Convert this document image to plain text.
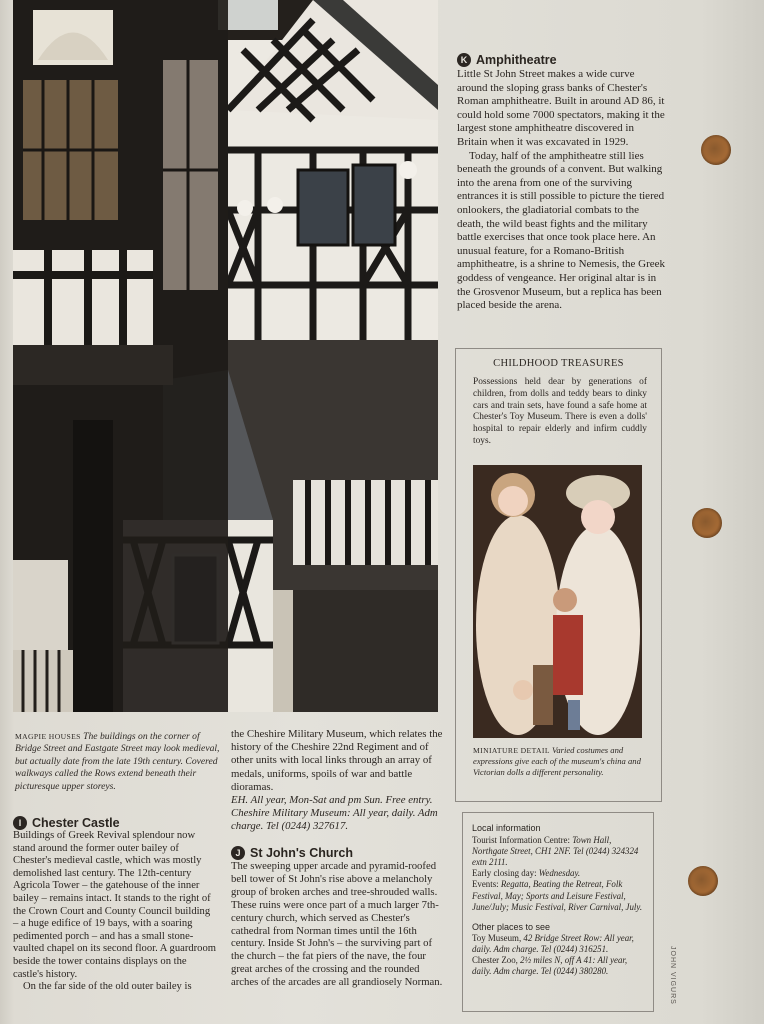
K Amphitheatre

Little St John Street makes a wide curve around the sloping grass banks of Chester's Roman amphitheatre. Built in around AD 86, it could hold some 7000 spectators, making it the largest stone amphitheatre discovered in Britain when it was excavated in 1929.

Today, half of the amphitheatre still lies beneath the grounds of a convent. But walking into the arena from one of the surviving entrances it is still possible to picture the tiered onlookers, the gladiatorial combats to the death, the wild beast fights and the military battle exercises that once took place here. An unusual feature, for a Romano-British amphitheatre, is a shrine to Nemesis, the Greek goddess of vengeance. Her original altar is in the Grosvenor Museum, but a replica has been placed beside the arena.

CHILDHOOD TREASURES

Possessions held dear by generations of children, from dolls and teddy bears to dinky cars and train sets, have found a safe home at Chester's Toy Museum. There is even a dolls' hospital to repair elderly and infirm cuddly toys.

MINIATURE DETAIL Varied costumes and expressions give each of the museum's china and Victorian dolls a different personality.

MAGPIE HOUSES The buildings on the corner of Bridge Street and Eastgate Street may look medieval, but actually date from the late 19th century. Covered walkways called the Rows extend beneath their picturesque upper storeys.

I Chester Castle

Buildings of Greek Revival splendour now stand around the former outer bailey of Chester's medieval castle, which was mostly demolished last century. The 12th-century Agricola Tower – the gatehouse of the inner bailey – remains intact. It stands to the right of the Crown Court and County Council building – a huge edifice of 19 bays, with a soaring pedimented porch – and has a small stone-vaulted chapel on its second floor. A guardroom beside the tower contains displays on the castle's history.

On the far side of the old outer bailey is

the Cheshire Military Museum, which relates the history of the Cheshire 22nd Regiment and of other units with local links through an array of medals, uniforms, spoils of war and battle dioramas.

EH. All year, Mon-Sat and pm Sun. Free entry. Cheshire Military Museum: All year, daily. Adm charge. Tel (0244) 327617.

J St John's Church

The sweeping upper arcade and pyramid-roofed bell tower of St John's rise above a melancholy group of broken arches and tree-shrouded walls. These ruins were once part of a much larger 7th-century church, which served as Chester's cathedral from Norman times until the 16th century. Inside St John's – the surviving part of the church – the fat piers of the nave, the four great arches of the crossing and the rounded arches of the arcades are all grandiosely Norman.

Local information
Tourist Information Centre: Town Hall, Northgate Street, CH1 2NF. Tel (0244) 324324 extn 2111.
Early closing day: Wednesday.
Events: Regatta, Beating the Retreat, Folk Festival, May; Sports and Leisure Festival, June/July; Music Festival, River Carnival, July.
Other places to see
Toy Museum, 42 Bridge Street Row: All year, daily. Adm charge. Tel (0244) 316251.
Chester Zoo, 2½ miles N, off A 41: All year, daily. Adm charge. Tel (0244) 380280.	JOHN VIGURS
